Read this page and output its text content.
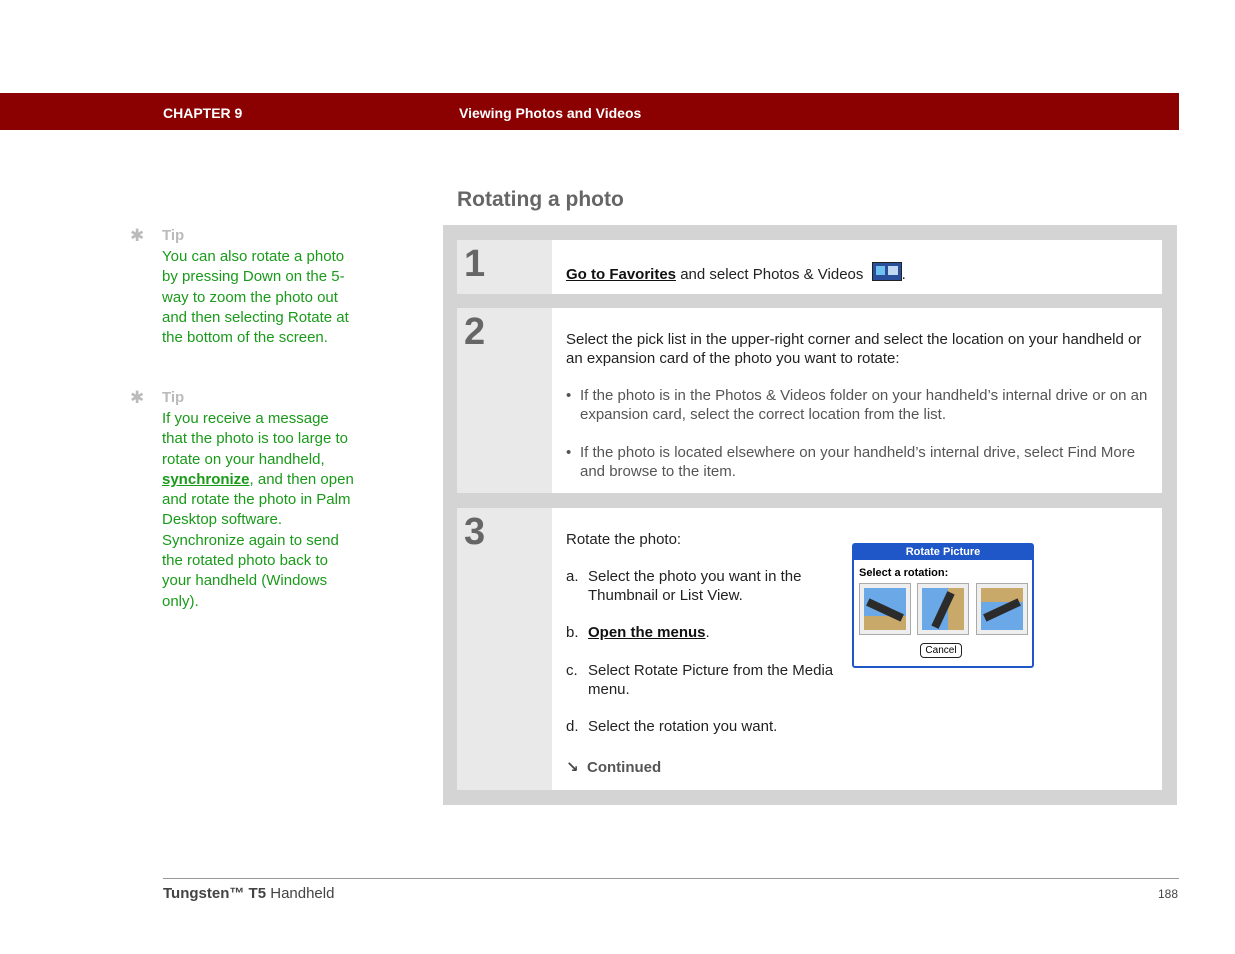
CHAPTER 9	Viewing Photos and Videos
Rotating a photo
✱ Tip
You can also rotate a photo by pressing Down on the 5-way to zoom the photo out and then selecting Rotate at the bottom of the screen.
✱ Tip
If you receive a message that the photo is too large to rotate on your handheld, synchronize, and then open and rotate the photo in Palm Desktop software. Synchronize again to send the rotated photo back to your handheld (Windows only).
1	Go to Favorites and select Photos & Videos	.
2	Select the pick list in the upper-right corner and select the location on your handheld or an expansion card of the photo you want to rotate:
• If the photo is in the Photos & Videos folder on your handheld’s internal drive or on an expansion card, select the correct location from the list.
• If the photo is located elsewhere on your handheld’s internal drive, select Find More and browse to the item.
3	Rotate the photo:
a. Select the photo you want in the Thumbnail or List View.
b. Open the menus.
c. Select Rotate Picture from the Media menu.
d. Select the rotation you want.
↘ Continued
Rotate Picture
Select a rotation:
Cancel
Tungsten™ T5 Handheld	188
